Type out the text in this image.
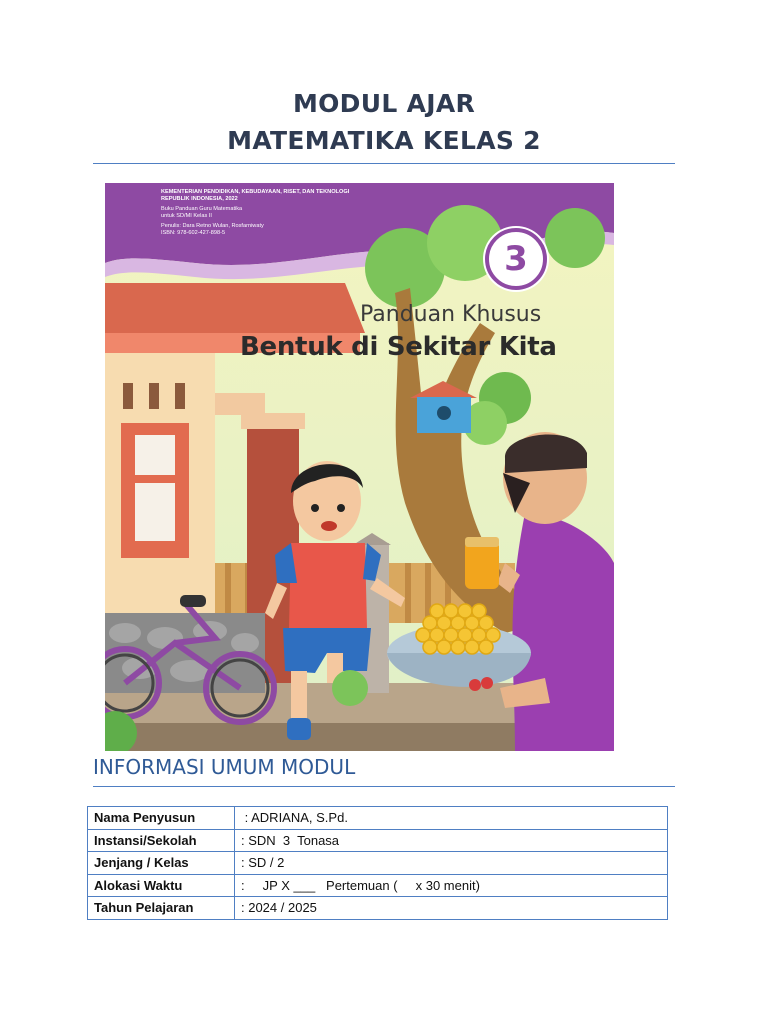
MODUL AJAR
MATEMATIKA KELAS 2
KEMENTERIAN PENDIDIKAN, KEBUDAYAAN, RISET, DAN TEKNOLOGI
REPUBLIK INDONESIA, 2022
Buku Panduan Guru Matematika
untuk SD/MI Kelas II
Penulis: Dara Retno Wulan, Rosfarniwaty
ISBN: 978-602-427-898-5
3
Panduan Khusus
Bentuk di Sekitar Kita
INFORMASI UMUM MODUL
Nama Penyusun	: ADRIANA, S.Pd.
Instansi/Sekolah	: SDN  3  Tonasa
Jenjang / Kelas	: SD / 2
Alokasi Waktu	:     JP X ___   Pertemuan (     x 30 menit)
Tahun Pelajaran	: 2024 / 2025
